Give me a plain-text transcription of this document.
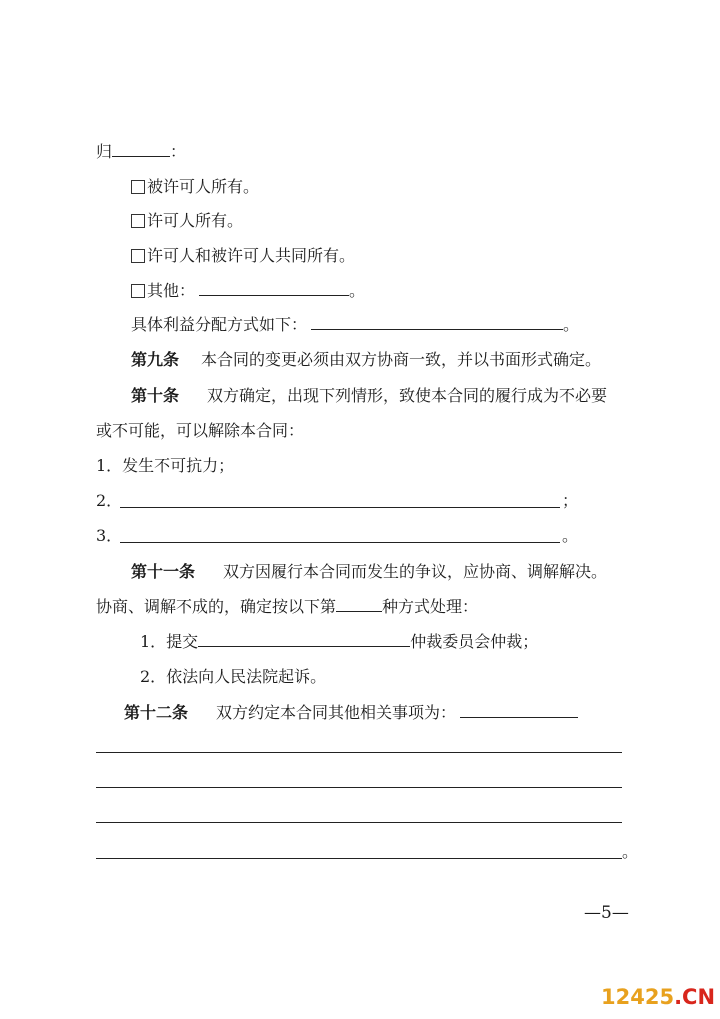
归	：
被许可人所有。
许可人所有。
许可人和被许可人共同所有。
其他：	。
具体利益分配方式如下：	。
第九条 本合同的变更必须由双方协商一致，并以书面形式确定。
第十条 双方确定，出现下列情形，致使本合同的履行成为不必要
或不可能，可以解除本合同：
1．发生不可抗力；
2．	；
3．	。
第十一条 双方因履行本合同而发生的争议，应协商、调解解决。
协商、调解不成的，确定按以下第	种方式处理：
1．提交	仲裁委员会仲裁；
2．依法向人民法院起诉。
第十二条 双方约定本合同其他相关事项为：
。
—5—
12425.CN
